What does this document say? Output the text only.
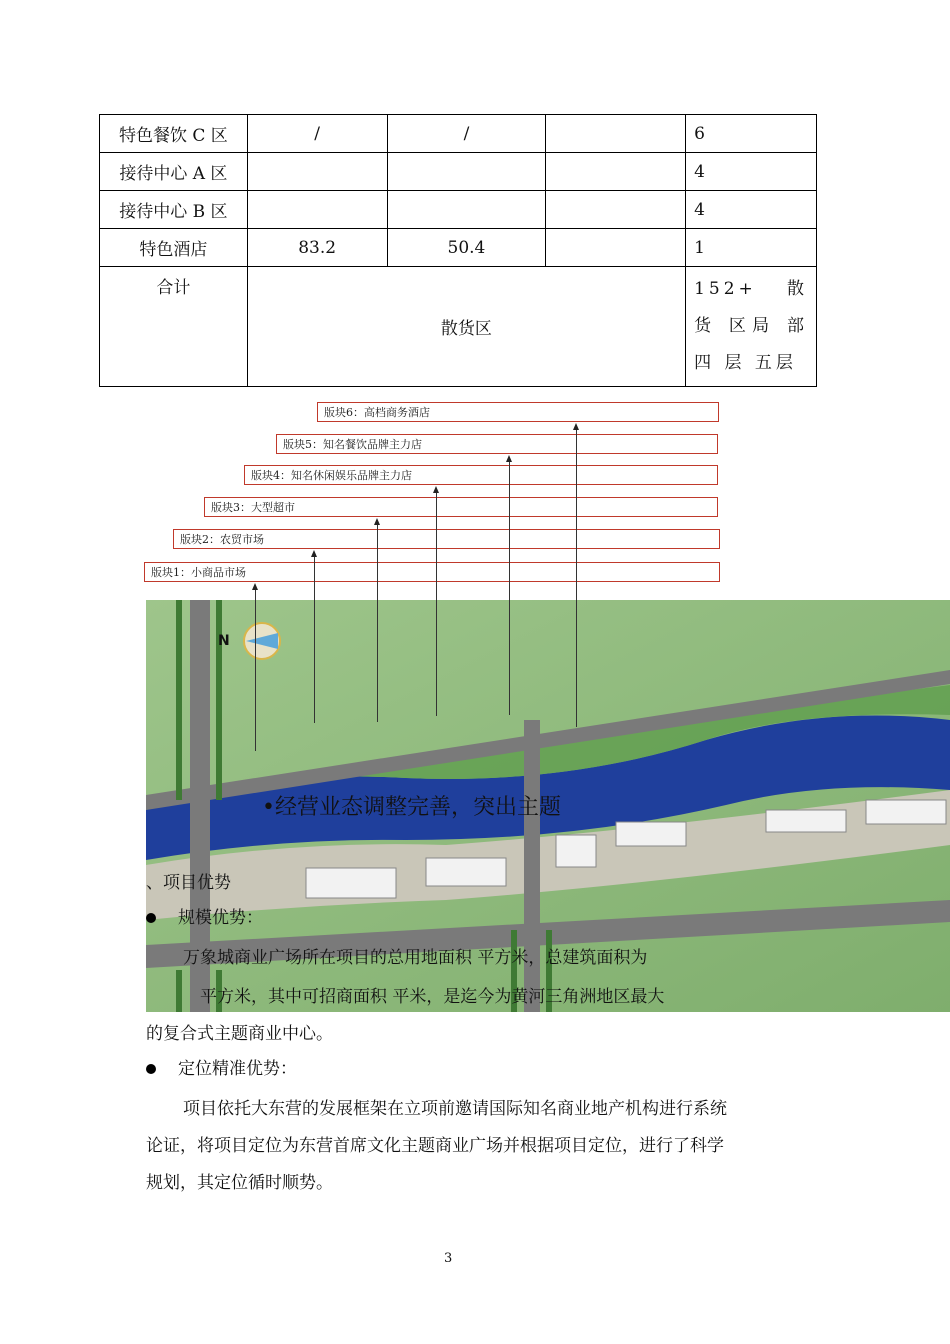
特色餐饮 C 区	/	/		6
接待中心 A 区				4
接待中心 B 区				4
特色酒店	83.2	50.4		1
合计	散货区			152+ 散 货 区局 部 四 层 五层
版块6：高档商务酒店
版块5：知名餐饮品牌主力店
版块4：知名休闲娱乐品牌主力店
版块3：大型超市
版块2：农贸市场
版块1：小商品市场
N
•经营业态调整完善，突出主题
、项目优势
规模优势：
万象城商业广场所在项目的总用地面积 平方米，总建筑面积为
平方米，其中可招商面积 平米，是迄今为黄河三角洲地区最大
的复合式主题商业中心。
定位精准优势：
项目依托大东营的发展框架在立项前邀请国际知名商业地产机构进行系统
论证，将项目定位为东营首席文化主题商业广场并根据项目定位，进行了科学
规划，其定位循时顺势。
3
